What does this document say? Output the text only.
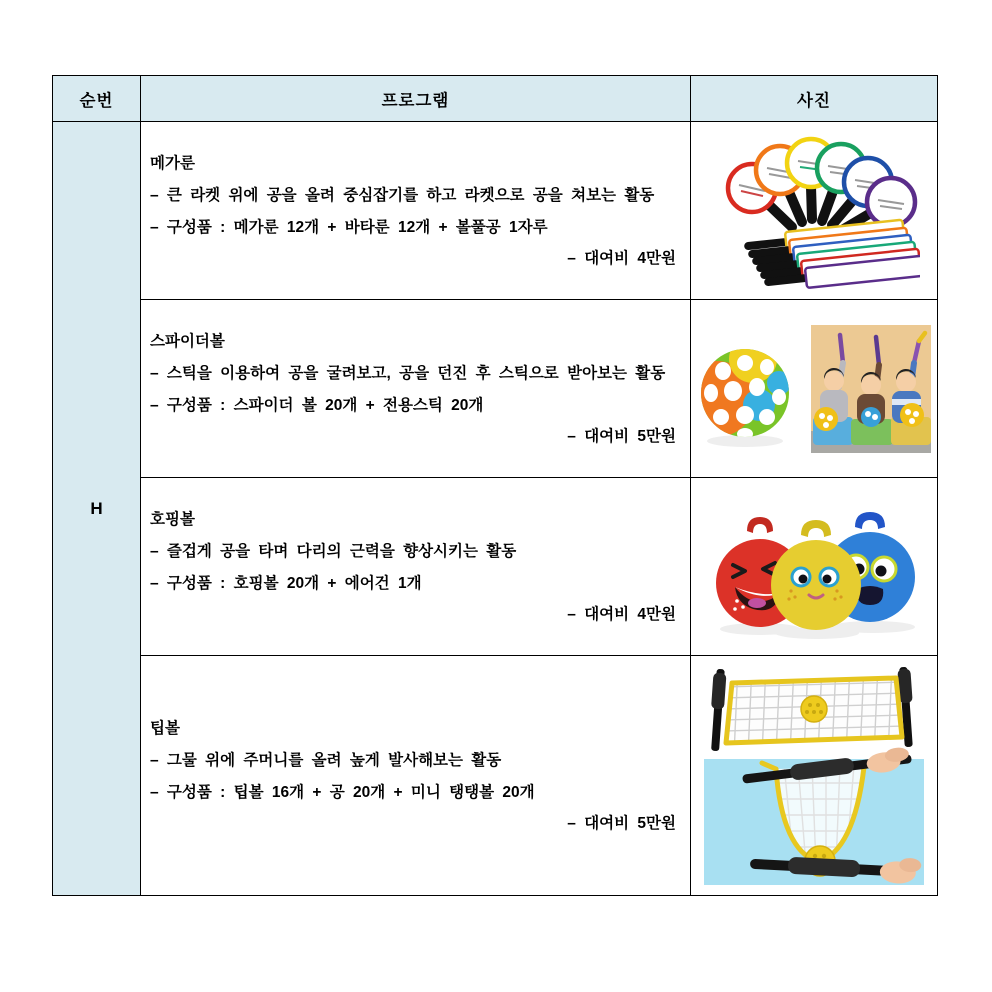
순번	프로그램	사진
H	메가룬
– 큰 라켓 위에 공을 올려 중심잡기를 하고 라켓으로 공을 쳐보는 활동
– 구성품 : 메가룬 12개 + 바타룬 12개 + 볼풀공 1자루
– 대여비 4만원

	스파이더볼
– 스틱을 이용하여 공을 굴려보고, 공을 던진 후 스틱으로 받아보는 활동
– 구성품 : 스파이더 볼 20개 + 전용스틱 20개
– 대여비 5만원

	호핑볼
– 즐겁게 공을 타며 다리의 근력을 향상시키는 활동
– 구성품 : 호핑볼 20개 + 에어건 1개
– 대여비 4만원

	팁볼
– 그물 위에 주머니를 올려 높게 발사해보는 활동
– 구성품 : 팁볼 16개 + 공 20개 + 미니 탱탱볼 20개
– 대여비 5만원
